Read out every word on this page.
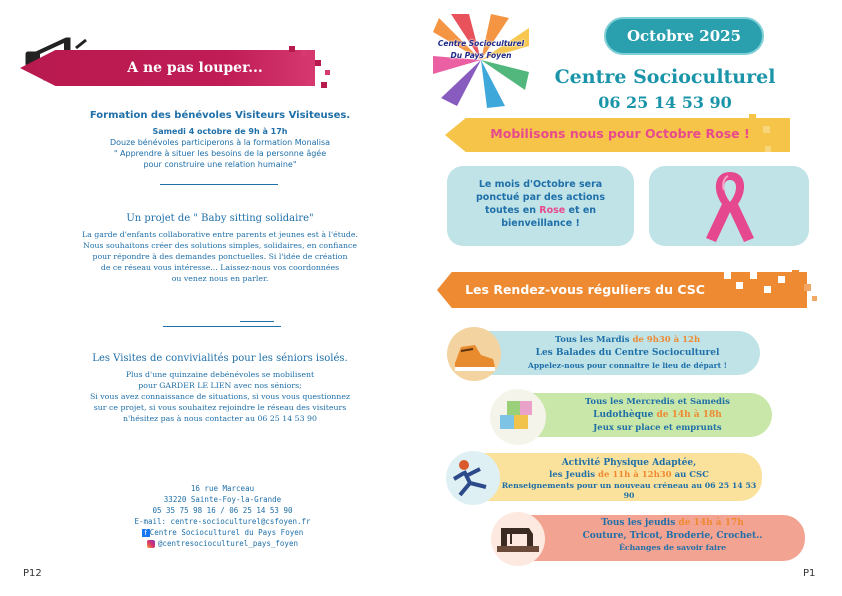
A ne pas louper...
Formation des bénévoles Visiteurs Visiteuses.
Samedi 4 octobre de 9h à 17h
Douze bénévoles participerons à la formation Monalisa
" Apprendre à situer les besoins de la personne âgée
pour construire une relation humaine"
Un projet de " Baby sitting solidaire"
La garde d'enfants collaborative entre parents et jeunes est à l'étude.
Nous souhaitons créer des solutions simples, solidaires, en confiance
pour répondre à des demandes ponctuelles. Si l'idée de création
de ce réseau vous intéresse... Laissez-nous vos coordonnées
ou venez nous en parler.
Les Visites de convivialités pour les séniors isolés.
Plus d'une quinzaine debénévoles se mobilisent
pour GARDER LE LIEN avec nos séniors;
Si vous avez connaissance de situations, si vous vous questionnez
sur ce projet, si vous souhaitez rejoindre le réseau des visiteurs
n'hésitez pas à nous contacter au 06 25 14 53 90
16 rue Marceau
33220 Sainte-Foy-la-Grande
05 35 75 98 16 / 06 25 14 53 90
E-mail: centre-socioculturel@csfoyen.fr
f Centre Socioculturel du Pays Foyen
@centresocioculturel_pays_foyen
P12
Centre Socioculturel
Du Pays Foyen
Octobre 2025
Centre Socioculturel
06 25 14 53 90
Mobilisons nous pour Octobre Rose !
Le mois d'Octobre sera ponctué par des actions toutes en Rose et en bienveillance !
Les Rendez-vous réguliers du CSC
Tous les Mardis de 9h30 à 12h
Les Balades du Centre Socioculturel
Appelez-nous pour connaitre le lieu de départ !
Tous les Mercredis et Samedis
Ludothèque de 14h à 18h
Jeux sur place et emprunts
Activité Physique Adaptée,
les Jeudis de 11h à 12h30 au CSC
Renseignements pour un nouveau créneau au 06 25 14 53 90
Tous les jeudis de 14h à 17h
Couture, Tricot, Broderie, Crochet..
Échanges de savoir faire
P1
